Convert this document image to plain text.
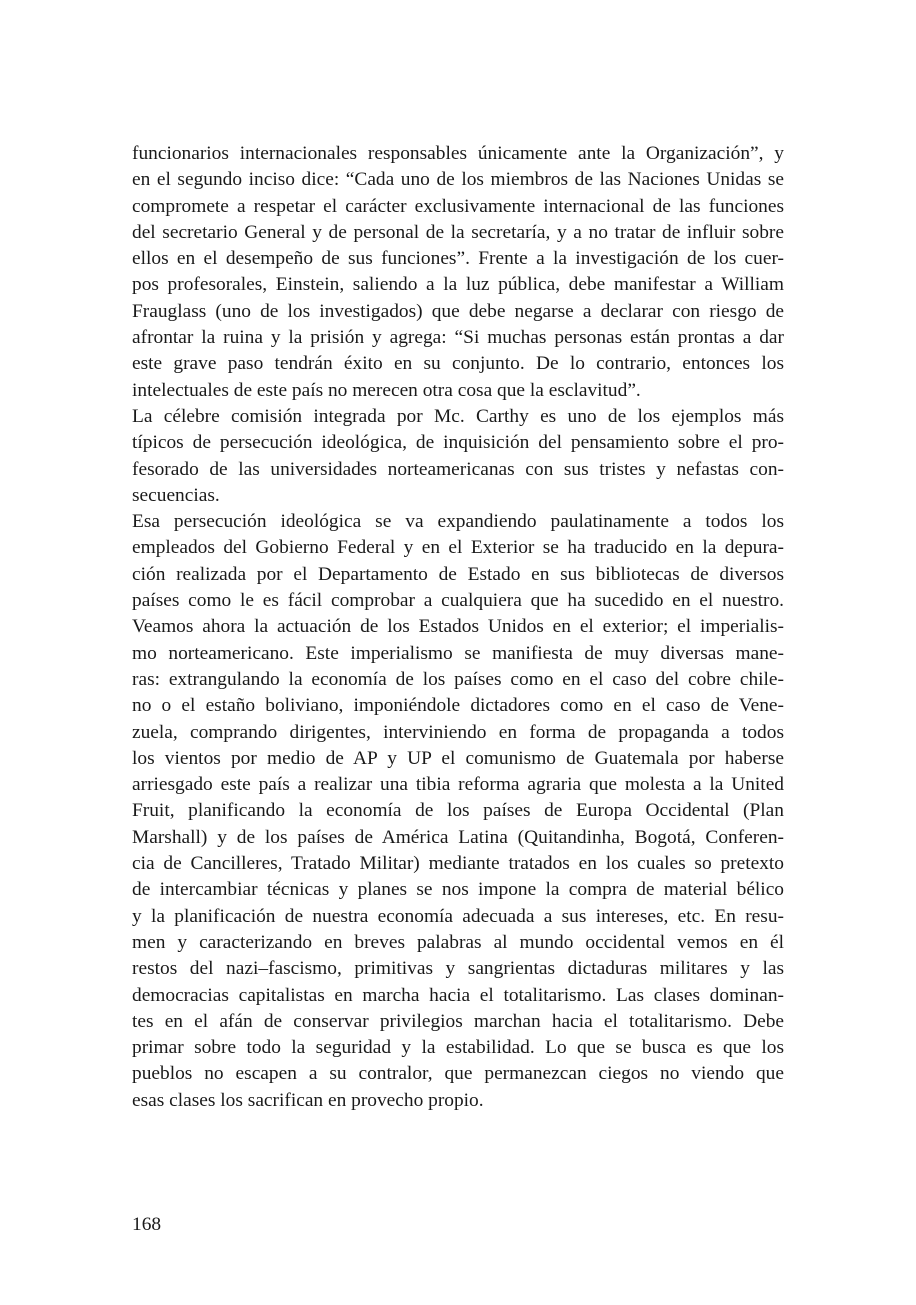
funcionarios internacionales responsables únicamente ante la Organización”, y
en el segundo inciso dice: “Cada uno de los miembros de las Naciones Unidas se
compromete a respetar el carácter exclusivamente internacional de las funciones
del secretario General y de personal de la secretaría, y a no tratar de influir sobre
ellos en el desempeño de sus funciones”. Frente a la investigación de los cuer-
pos profesorales, Einstein, saliendo a la luz pública, debe manifestar a William
Frauglass (uno de los investigados) que debe negarse a declarar con riesgo de
afrontar la ruina y la prisión y agrega: “Si muchas personas están prontas a dar
este grave paso tendrán éxito en su conjunto. De lo contrario, entonces los
intelectuales de este país no merecen otra cosa que la esclavitud”.

La célebre comisión integrada por Mc. Carthy es uno de los ejemplos más
típicos de persecución ideológica, de inquisición del pensamiento sobre el pro-
fesorado de las universidades norteamericanas con sus tristes y nefastas con-
secuencias.

Esa persecución ideológica se va expandiendo paulatinamente a todos los
empleados del Gobierno Federal y en el Exterior se ha traducido en la depura-
ción realizada por el Departamento de Estado en sus bibliotecas de diversos
países como le es fácil comprobar a cualquiera que ha sucedido en el nuestro.
Veamos ahora la actuación de los Estados Unidos en el exterior; el imperialis-
mo norteamericano. Este imperialismo se manifiesta de muy diversas mane-
ras: extrangulando la economía de los países como en el caso del cobre chile-
no o el estaño boliviano, imponiéndole dictadores como en el caso de Vene-
zuela, comprando dirigentes, interviniendo en forma de propaganda a todos
los vientos por medio de AP y UP el comunismo de Guatemala por haberse
arriesgado este país a realizar una tibia reforma agraria que molesta a la United
Fruit, planificando la economía de los países de Europa Occidental (Plan
Marshall) y de los países de América Latina (Quitandinha, Bogotá, Conferen-
cia de Cancilleres, Tratado Militar) mediante tratados en los cuales so pretexto
de intercambiar técnicas y planes se nos impone la compra de material bélico
y la planificación de nuestra economía adecuada a sus intereses, etc. En resu-
men y caracterizando en breves palabras al mundo occidental vemos en él
restos del nazi–fascismo, primitivas y sangrientas dictaduras militares y las
democracias capitalistas en marcha hacia el totalitarismo. Las clases dominan-
tes en el afán de conservar privilegios marchan hacia el totalitarismo. Debe
primar sobre todo la seguridad y la estabilidad. Lo que se busca es que los
pueblos no escapen a su contralor, que permanezcan ciegos no viendo que
esas clases los sacrifican en provecho propio.

168
